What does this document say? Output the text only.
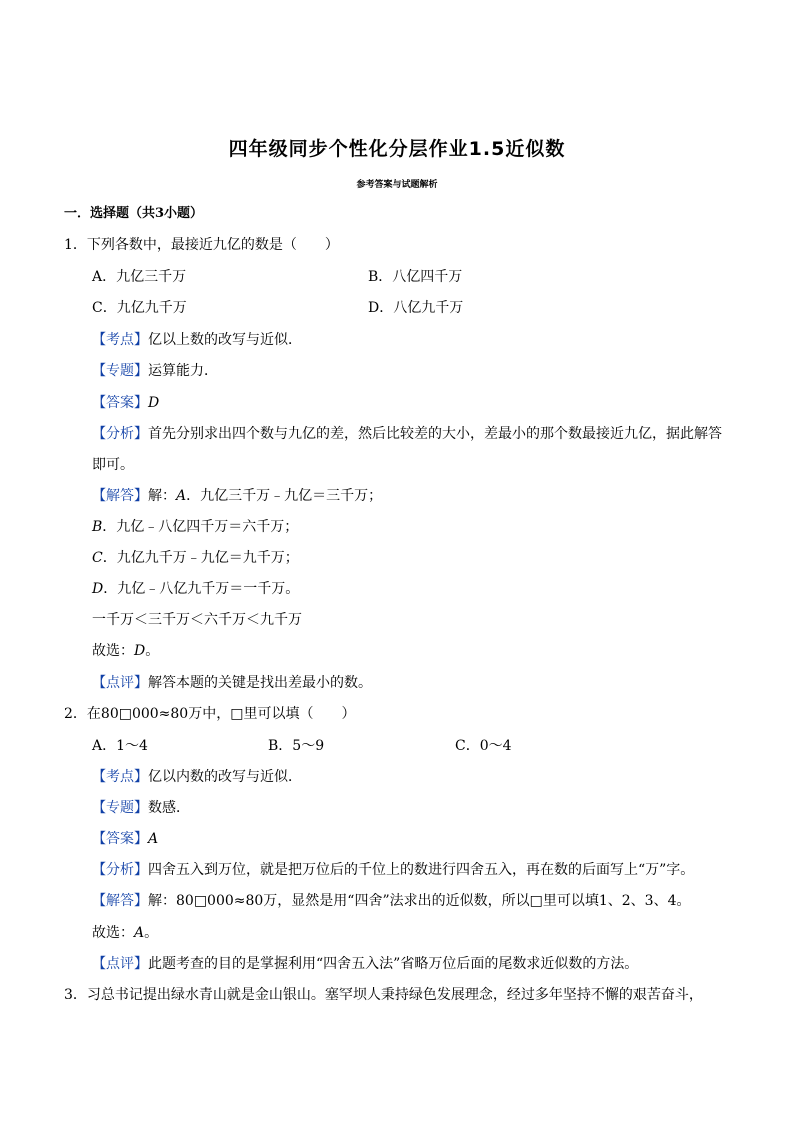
四年级同步个性化分层作业1.5近似数
参考答案与试题解析
一．选择题（共3小题）
1．下列各数中，最接近九亿的数是（　　）
A．九亿三千万	B．八亿四千万
C．九亿九千万	D．八亿九千万
【考点】亿以上数的改写与近似．
【专题】运算能力．
【答案】D
【分析】首先分别求出四个数与九亿的差，然后比较差的大小，差最小的那个数最接近九亿，据此解答
即可。
【解答】解：A．九亿三千万﹣九亿＝三千万；
B．九亿﹣八亿四千万＝六千万；
C．九亿九千万﹣九亿＝九千万；
D．九亿﹣八亿九千万＝一千万。
一千万＜三千万＜六千万＜九千万
故选：D。
【点评】解答本题的关键是找出差最小的数。
2．在80□000≈80万中，□里可以填（　　）
A．1～4	B．5～9	C．0～4
【考点】亿以内数的改写与近似．
【专题】数感．
【答案】A
【分析】四舍五入到万位，就是把万位后的千位上的数进行四舍五入，再在数的后面写上“万”字。
【解答】解：80□000≈80万，显然是用“四舍”法求出的近似数，所以□里可以填1、2、3、4。
故选：A。
【点评】此题考查的目的是掌握利用“四舍五入法”省略万位后面的尾数求近似数的方法。
3．习总书记提出绿水青山就是金山银山。塞罕坝人秉持绿色发展理念，经过多年坚持不懈的艰苦奋斗，
